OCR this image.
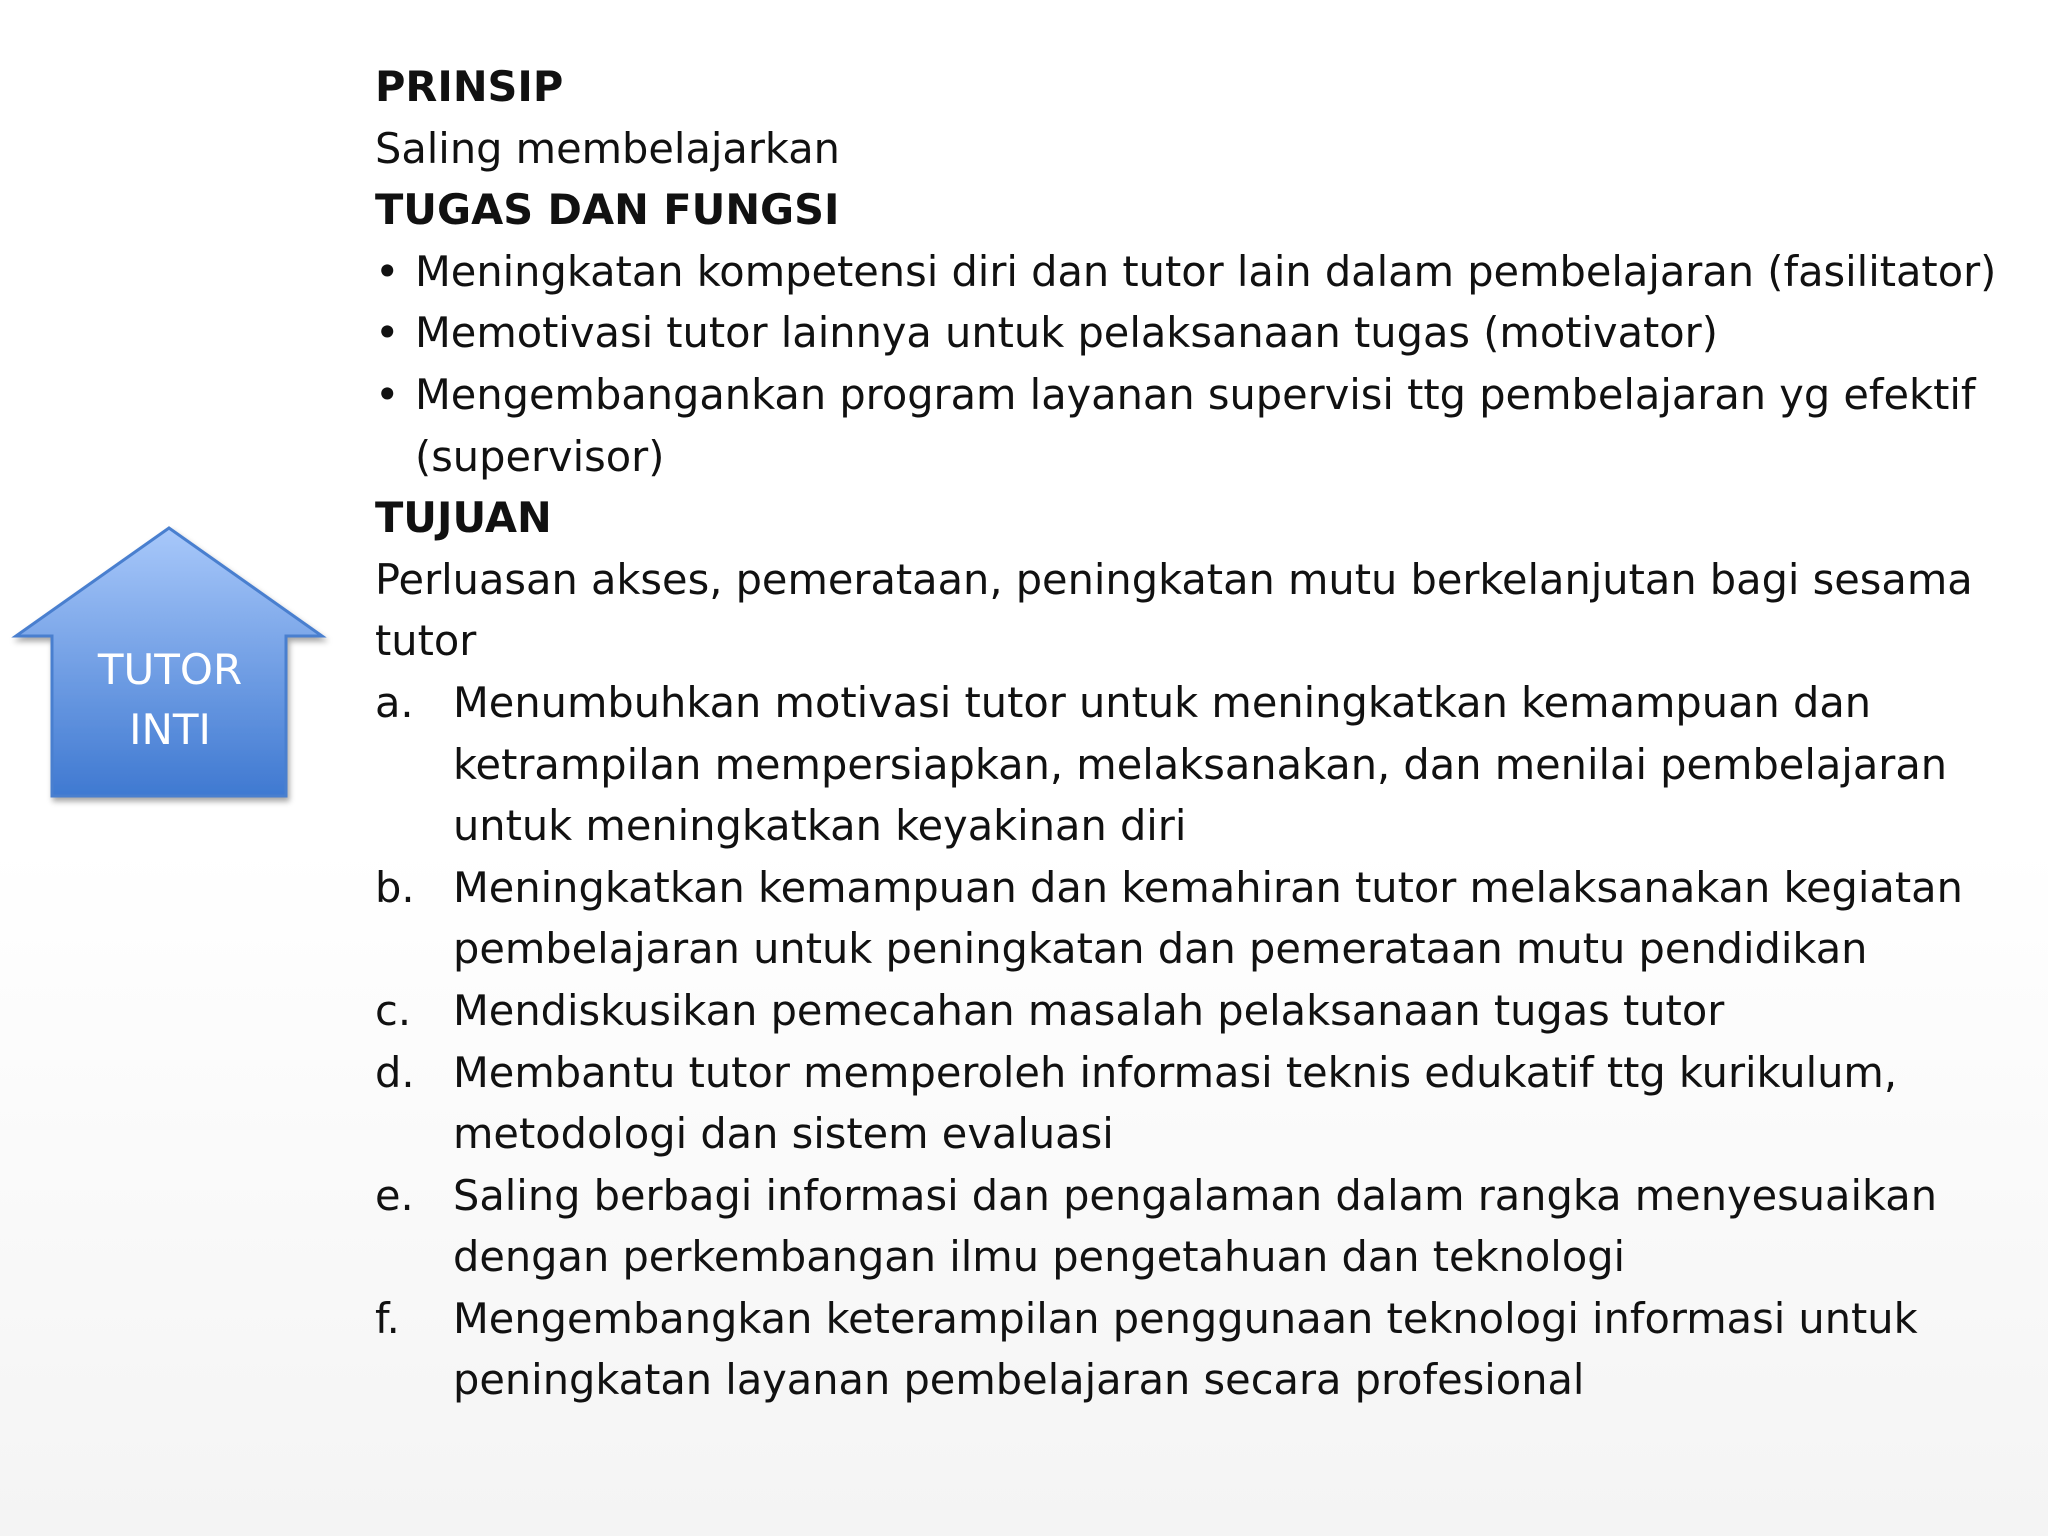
TUTOR
INTI

PRINSIP

Saling membelajarkan

TUGAS DAN FUNGSI

• Meningkatan kompetensi diri dan tutor lain dalam pembelajaran (fasilitator)
• Memotivasi tutor lainnya untuk pelaksanaan tugas (motivator)
• Mengembangankan program layanan supervisi ttg pembelajaran yg efektif (supervisor)

TUJUAN

Perluasan akses, pemerataan, peningkatan mutu berkelanjutan bagi sesama tutor

a. Menumbuhkan motivasi tutor untuk meningkatkan kemampuan dan ketrampilan mempersiapkan, melaksanakan, dan menilai pembelajaran untuk meningkatkan keyakinan diri
b. Meningkatkan kemampuan dan kemahiran tutor melaksanakan kegiatan pembelajaran untuk peningkatan dan pemerataan mutu pendidikan
c. Mendiskusikan pemecahan masalah pelaksanaan tugas tutor
d. Membantu tutor memperoleh informasi teknis edukatif ttg kurikulum, metodologi dan sistem evaluasi
e. Saling berbagi informasi dan pengalaman dalam rangka menyesuaikan dengan perkembangan ilmu pengetahuan dan teknologi
f. Mengembangkan keterampilan penggunaan teknologi informasi untuk peningkatan layanan pembelajaran secara profesional
